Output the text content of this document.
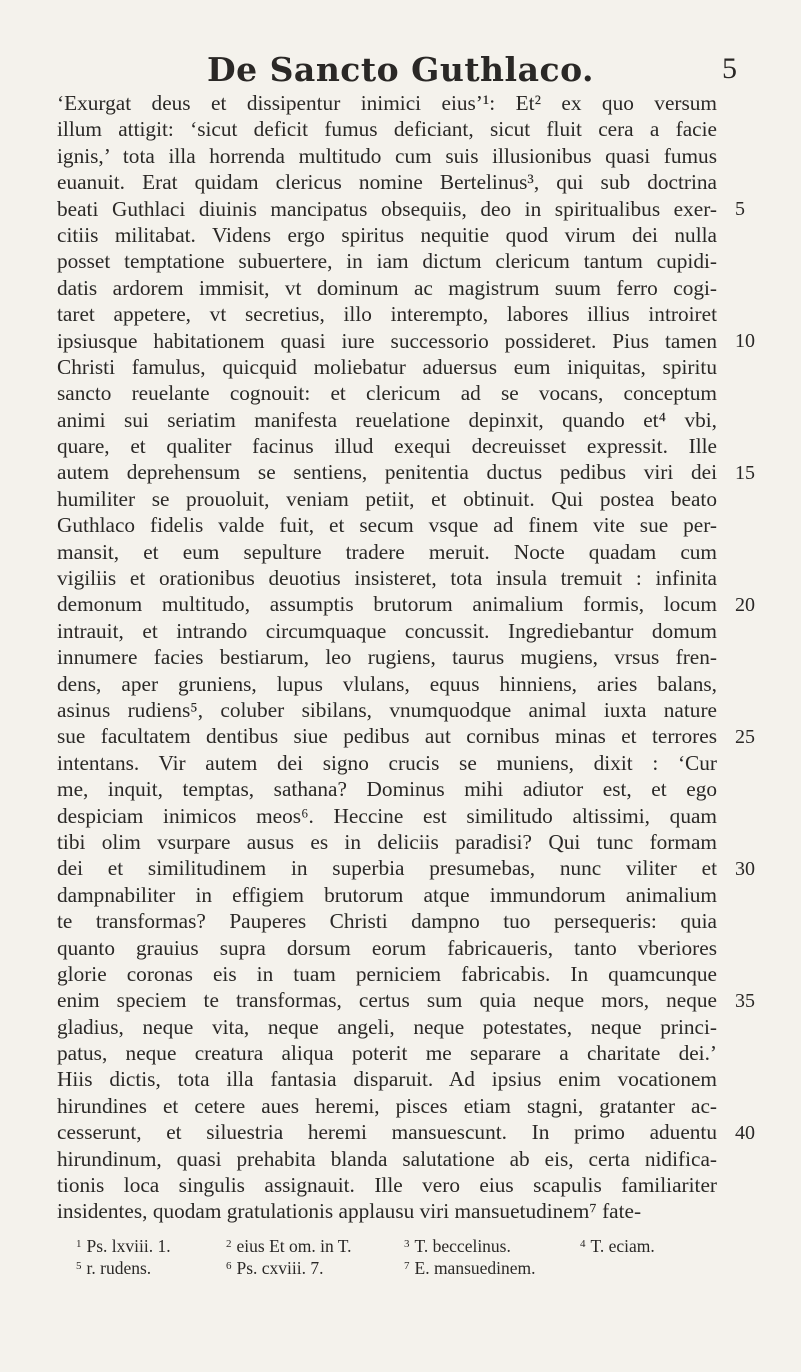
De Sancto Guthlaco.	5
‘Exurgat deus et dissipentur inimici eius’¹: Et² ex quo versum
illum attigit: ‘sicut deficit fumus deficiant, sicut fluit cera a facie
ignis,’ tota illa horrenda multitudo cum suis illusionibus quasi fumus
euanuit. Erat quidam clericus nomine Bertelinus³, qui sub doctrina
beati Guthlaci diuinis mancipatus obsequiis, deo in spiritualibus exer-
citiis militabat. Videns ergo spiritus nequitie quod virum dei nulla
posset temptatione subuertere, in iam dictum clericum tantum cupidi-
datis ardorem immisit, vt dominum ac magistrum suum ferro cogi-
taret appetere, vt secretius, illo interempto, labores illius introiret
ipsiusque habitationem quasi iure successorio possideret. Pius tamen
Christi famulus, quicquid moliebatur aduersus eum iniquitas, spiritu
sancto reuelante cognouit: et clericum ad se vocans, conceptum
animi sui seriatim manifesta reuelatione depinxit, quando et⁴ vbi,
quare, et qualiter facinus illud exequi decreuisset expressit. Ille
autem deprehensum se sentiens, penitentia ductus pedibus viri dei
humiliter se prouoluit, veniam petiit, et obtinuit. Qui postea beato
Guthlaco fidelis valde fuit, et secum vsque ad finem vite sue per-
mansit, et eum sepulture tradere meruit. Nocte quadam cum
vigiliis et orationibus deuotius insisteret, tota insula tremuit : infinita
demonum multitudo, assumptis brutorum animalium formis, locum
intrauit, et intrando circumquaque concussit. Ingrediebantur domum
innumere facies bestiarum, leo rugiens, taurus mugiens, vrsus fren-
dens, aper gruniens, lupus vlulans, equus hinniens, aries balans,
asinus rudiens⁵, coluber sibilans, vnumquodque animal iuxta nature
sue facultatem dentibus siue pedibus aut cornibus minas et terrores
intentans. Vir autem dei signo crucis se muniens, dixit : ‘Cur
me, inquit, temptas, sathana? Dominus mihi adiutor est, et ego
despiciam inimicos meos⁶. Heccine est similitudo altissimi, quam
tibi olim vsurpare ausus es in deliciis paradisi? Qui tunc formam
dei et similitudinem in superbia presumebas, nunc viliter et
dampnabiliter in effigiem brutorum atque immundorum animalium
te transformas? Pauperes Christi dampno tuo persequeris: quia
quanto grauius supra dorsum eorum fabricaueris, tanto vberiores
glorie coronas eis in tuam perniciem fabricabis. In quamcunque
enim speciem te transformas, certus sum quia neque mors, neque
gladius, neque vita, neque angeli, neque potestates, neque princi-
patus, neque creatura aliqua poterit me separare a charitate dei.’
Hiis dictis, tota illa fantasia disparuit. Ad ipsius enim vocationem
hirundines et cetere aues heremi, pisces etiam stagni, gratanter ac-
cesserunt, et siluestria heremi mansuescunt. In primo aduentu
hirundinum, quasi prehabita blanda salutatione ab eis, certa nidifica-
tionis loca singulis assignauit. Ille vero eius scapulis familiariter
insidentes, quodam gratulationis applausu viri mansuetudinem⁷ fate-
5
10
15
20
25
30
35
40
$^1$ Ps. lxviii. 1.	$^2$ eius Et om. in T.	$^3$ T. beccelinus.	$^4$ T. eciam.
$^5$ r. rudens.	$^6$ Ps. cxviii. 7.	$^7$ E. mansuedinem.
